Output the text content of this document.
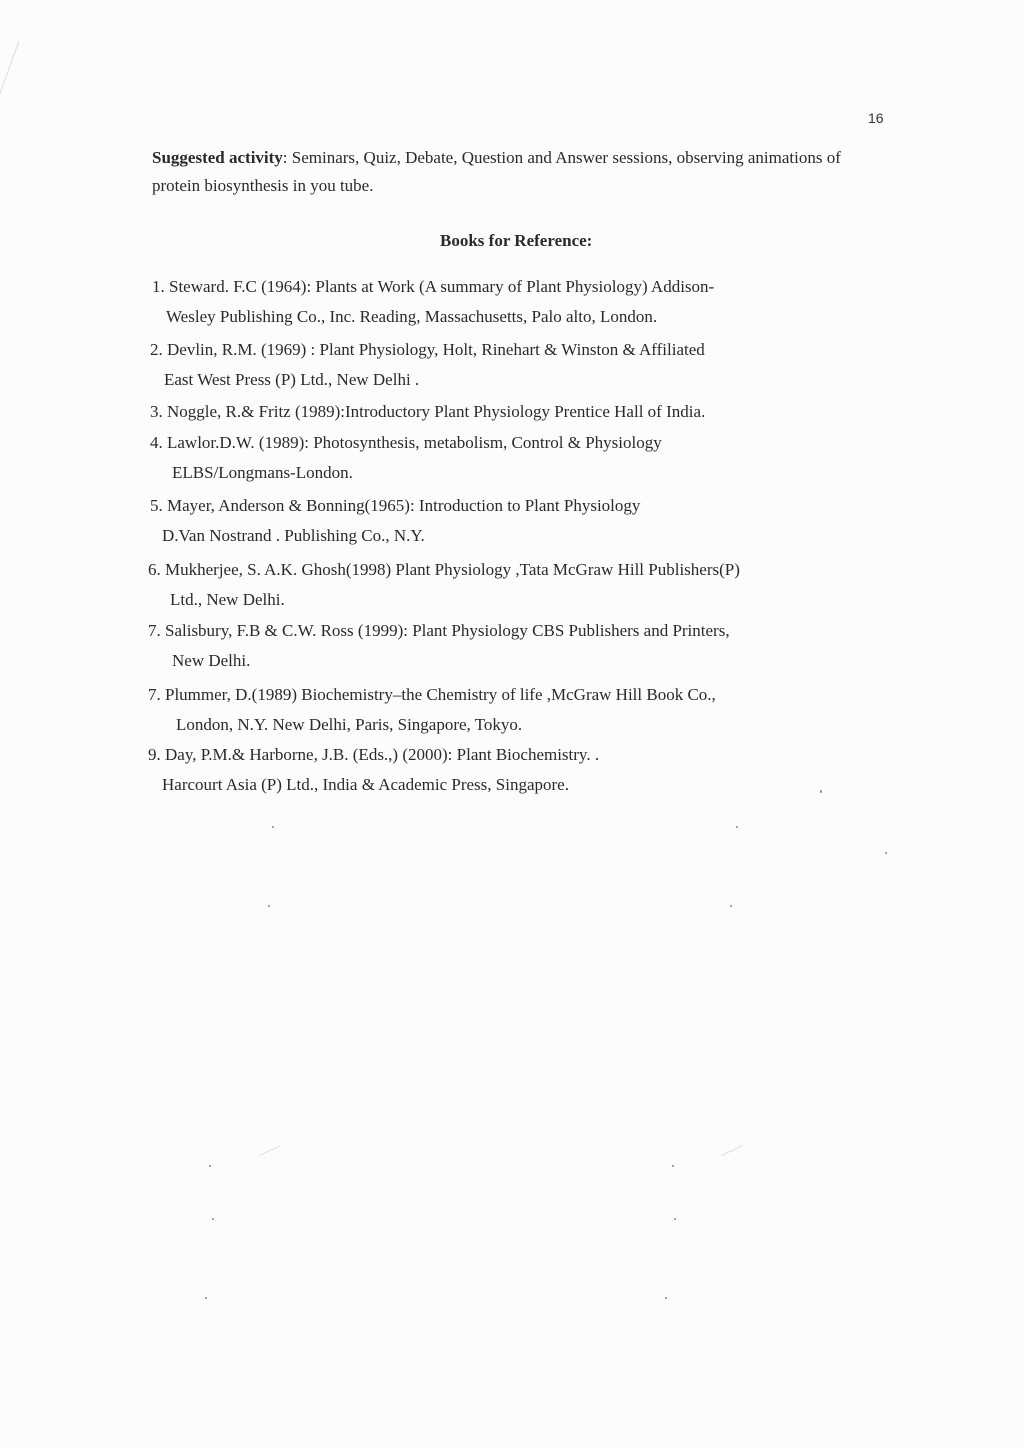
16
Suggested activity: Seminars, Quiz, Debate, Question and Answer sessions, observing animations of protein biosynthesis in you tube.
Books for Reference:
1. Steward. F.C (1964): Plants at Work (A summary of Plant Physiology) Addison-
Wesley Publishing Co., Inc. Reading, Massachusetts, Palo alto, London.
2. Devlin, R.M. (1969) : Plant Physiology, Holt, Rinehart & Winston & Affiliated
East West Press (P) Ltd., New Delhi .
3. Noggle, R.& Fritz (1989):Introductory Plant Physiology Prentice Hall of India.
4. Lawlor.D.W. (1989): Photosynthesis, metabolism, Control & Physiology
ELBS/Longmans-London.
5. Mayer, Anderson & Bonning(1965): Introduction to Plant Physiology
D.Van Nostrand . Publishing Co., N.Y.
6. Mukherjee, S. A.K. Ghosh(1998) Plant Physiology ,Tata McGraw Hill Publishers(P)
Ltd., New Delhi.
7. Salisbury, F.B & C.W. Ross (1999): Plant Physiology CBS Publishers and Printers,
New Delhi.
7. Plummer, D.(1989) Biochemistry–the Chemistry of life ,McGraw Hill Book Co.,
London, N.Y. New Delhi, Paris, Singapore, Tokyo.
9. Day, P.M.& Harborne, J.B. (Eds.,) (2000): Plant Biochemistry. .
Harcourt Asia (P) Ltd., India & Academic Press, Singapore.
